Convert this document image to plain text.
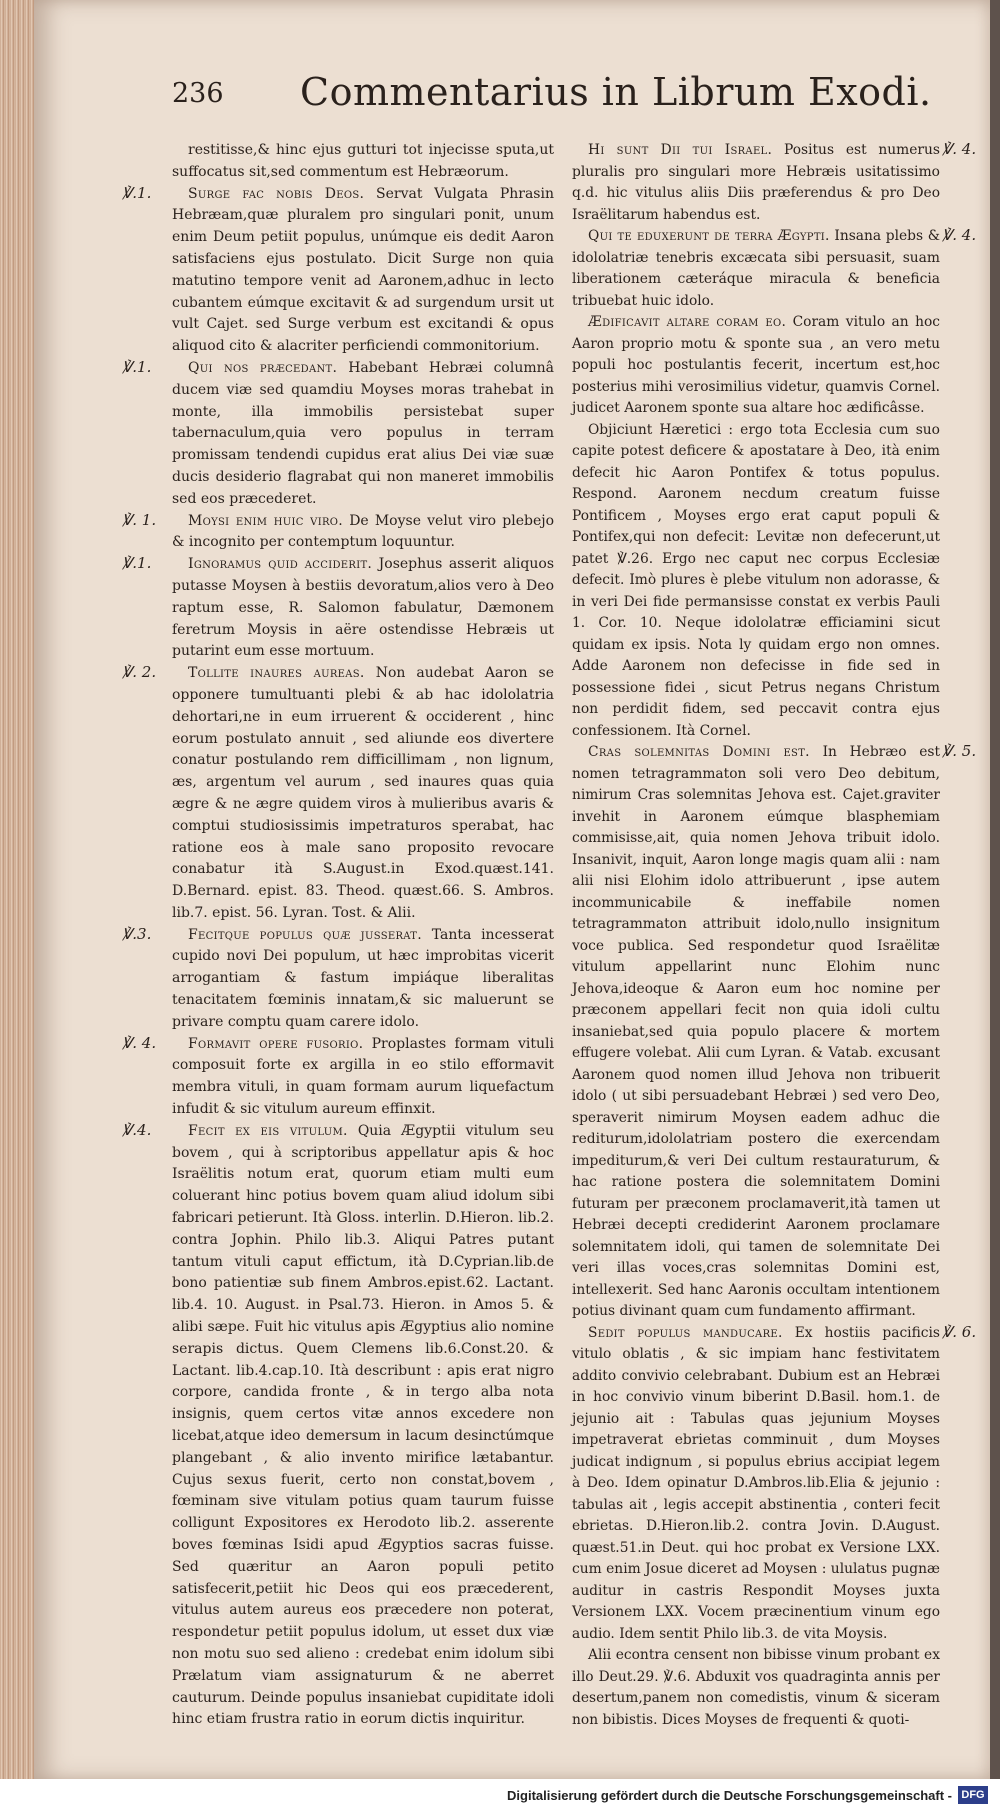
236 Commentarius in Librum Exodi.

restitisse,& hinc ejus gutturi tot injecisse sputa,ut suffocatus sit,sed commentum est Hebræorum.

Surge fac nobis Deos. Servat Vulgata Phrasin Hebræam,quæ pluralem pro singulari ponit, unum enim Deum petiit populus, unúmque eis dedit Aaron satisfaciens ejus postulato. Dicit Surge non quia matutino tempore venit ad Aaronem,adhuc in lecto cubantem eúmque excitavit & ad surgendum ursit ut vult Cajet. sed Surge verbum est excitandi & opus aliquod cito & alacriter perficiendi commonitorium.

Qui nos præcedant. Habebant Hebræi columnâ ducem viæ sed quamdiu Moyses moras trahebat in monte, illa immobilis persistebat super tabernaculum,quia vero populus in terram promissam tendendi cupidus erat alius Dei viæ suæ ducis desiderio flagrabat qui non maneret immobilis sed eos præcederet.

Moysi enim huic viro. De Moyse velut viro plebejo & incognito per contemptum loquuntur.

Ignoramus quid acciderit. Josephus asserit aliquos putasse Moysen à bestiis devoratum,alios vero à Deo raptum esse, R. Salomon fabulatur, Dæmonem feretrum Moysis in aëre ostendisse Hebræis ut putarint eum esse mortuum.

Tollite inaures aureas. Non audebat Aaron se opponere tumultuanti plebi & ab hac idololatria dehortari,ne in eum irruerent & occiderent , hinc eorum postulato annuit , sed aliunde eos divertere conatur postulando rem difficillimam , non lignum, æs, argentum vel aurum , sed inaures quas quia ægre & ne ægre quidem viros à mulieribus avaris & comptui studiosissimis impetraturos sperabat, hac ratione eos à male sano proposito revocare conabatur ità S.August.in Exod.quæst.141. D.Bernard. epist. 83. Theod. quæst.66. S. Ambros. lib.7. epist. 56. Lyran. Tost. & Alii.

Fecitque populus quæ jusserat. Tanta incesserat cupido novi Dei populum, ut hæc improbitas vicerit arrogantiam & fastum impiáque liberalitas tenacitatem fœminis innatam,& sic maluerunt se privare comptu quam carere idolo.

Formavit opere fusorio. Proplastes formam vituli composuit forte ex argilla in eo stilo efformavit membra vituli, in quam formam aurum liquefactum infudit & sic vitulum aureum effinxit.

Fecit ex eis vitulum. Quia Ægyptii vitulum seu bovem , qui à scriptoribus appellatur apis & hoc Israëlitis notum erat, quorum etiam multi eum coluerant hinc potius bovem quam aliud idolum sibi fabricari petierunt. Ità Gloss. interlin. D.Hieron. lib.2. contra Jophin. Philo lib.3. Aliqui Patres putant tantum vituli caput effictum, ità D.Cyprian.lib.de bono patientiæ sub finem Ambros.epist.62. Lactant. lib.4. 10. August. in Psal.73. Hieron. in Amos 5. & alibi sæpe. Fuit hic vitulus apis Ægyptius alio nomine serapis dictus. Quem Clemens lib.6.Const.20. & Lactant. lib.4.cap.10. Ità describunt : apis erat nigro corpore, candida fronte , & in tergo alba nota insignis, quem certos vitæ annos excedere non licebat,atque ideo demersum in lacum desinctúmque plangebant , & alio invento mirifice lætabantur. Cujus sexus fuerit, certo non constat,bovem , fœminam sive vitulam potius quam taurum fuisse colligunt Expositores ex Herodoto lib.2. asserente boves fœminas Isidi apud Ægyptios sacras fuisse. Sed quæritur an Aaron populi petito satisfecerit,petiit hic Deos qui eos præcederent, vitulus autem aureus eos præcedere non poterat, respondetur petiit populus idolum, ut esset dux viæ non motu suo sed alieno : credebat enim idolum sibi Prælatum viam assignaturum & ne aberret cauturum. Deinde populus insaniebat cupiditate idoli hinc etiam frustra ratio in eorum dictis inquiritur.

Hi sunt Dii tui Israel. Positus est numerus pluralis pro singulari more Hebræis usitatissimo q.d. hic vitulus aliis Diis præferendus & pro Deo Israëlitarum habendus est.

Qui te eduxerunt de terra Ægypti. Insana plebs & idololatriæ tenebris excæcata sibi persuasit, suam liberationem cæteráque miracula & beneficia tribuebat huic idolo.

Ædificavit altare coram eo. Coram vitulo an hoc Aaron proprio motu & sponte sua , an vero metu populi hoc postulantis fecerit, incertum est,hoc posterius mihi verosimilius videtur, quamvis Cornel. judicet Aaronem sponte sua altare hoc ædificâsse.

Objiciunt Hæretici : ergo tota Ecclesia cum suo capite potest deficere & apostatare à Deo, ità enim defecit hic Aaron Pontifex & totus populus. Respond. Aaronem necdum creatum fuisse Pontificem , Moyses ergo erat caput populi & Pontifex,qui non defecit: Levitæ non defecerunt,ut patet ℣.26. Ergo nec caput nec corpus Ecclesiæ defecit. Imò plures è plebe vitulum non adorasse, & in veri Dei fide permansisse constat ex verbis Pauli 1. Cor. 10. Neque idololatræ efficiamini sicut quidam ex ipsis. Nota ly quidam ergo non omnes. Adde Aaronem non defecisse in fide sed in possessione fidei , sicut Petrus negans Christum non perdidit fidem, sed peccavit contra ejus confessionem. Ità Cornel.

Cras solemnitas Domini est. In Hebræo est nomen tetragrammaton soli vero Deo debitum, nimirum Cras solemnitas Jehova est. Cajet.graviter invehit in Aaronem eúmque blasphemiam commisisse,ait, quia nomen Jehova tribuit idolo. Insanivit, inquit, Aaron longe magis quam alii : nam alii nisi Elohim idolo attribuerunt , ipse autem incommunicabile & ineffabile nomen tetragrammaton attribuit idolo,nullo insignitum voce publica. Sed respondetur quod Israëlitæ vitulum appellarint nunc Elohim nunc Jehova,ideoque & Aaron eum hoc nomine per præconem appellari fecit non quia idoli cultu insaniebat,sed quia populo placere & mortem effugere volebat. Alii cum Lyran. & Vatab. excusant Aaronem quod nomen illud Jehova non tribuerit idolo ( ut sibi persuadebant Hebræi ) sed vero Deo, speraverit nimirum Moysen eadem adhuc die rediturum,idololatriam postero die exercendam impediturum,& veri Dei cultum restauraturum, & hac ratione postera die solemnitatem Domini futuram per præconem proclamaverit,ità tamen ut Hebræi decepti crediderint Aaronem proclamare solemnitatem idoli, qui tamen de solemnitate Dei veri illas voces,cras solemnitas Domini est, intellexerit. Sed hanc Aaronis occultam intentionem potius divinant quam cum fundamento affirmant.

Sedit populus manducare. Ex hostiis pacificis vitulo oblatis , & sic impiam hanc festivitatem addito convivio celebrabant. Dubium est an Hebræi in hoc convivio vinum biberint D.Basil. hom.1. de jejunio ait : Tabulas quas jejunium Moyses impetraverat ebrietas comminuit , dum Moyses judicat indignum , si populus ebrius accipiat legem à Deo. Idem opinatur D.Ambros.lib.Elia & jejunio : tabulas ait , legis accepit abstinentia , conteri fecit ebrietas. D.Hieron.lib.2. contra Jovin. D.August. quæst.51.in Deut. qui hoc probat ex Versione LXX. cum enim Josue diceret ad Moysen : ululatus pugnæ auditur in castris Respondit Moyses juxta Versionem LXX. Vocem præcinentium vinum ego audio. Idem sentit Philo lib.3. de vita Moysis.

Alii econtra censent non bibisse vinum probant ex illo Deut.29. ℣.6. Abduxit vos quadraginta annis per desertum,panem non comedistis, vinum & siceram non bibistis. Dices Moyses de frequenti & quoti-

Digitalisierung gefördert durch die Deutsche Forschungsgemeinschaft - DFG
℣.1.
℣.1.
℣. 1.
℣.1.
℣. 2.
℣.3.
℣. 4.
℣.4.
℣. 4.
℣. 4.
℣. 5.
℣. 6.
